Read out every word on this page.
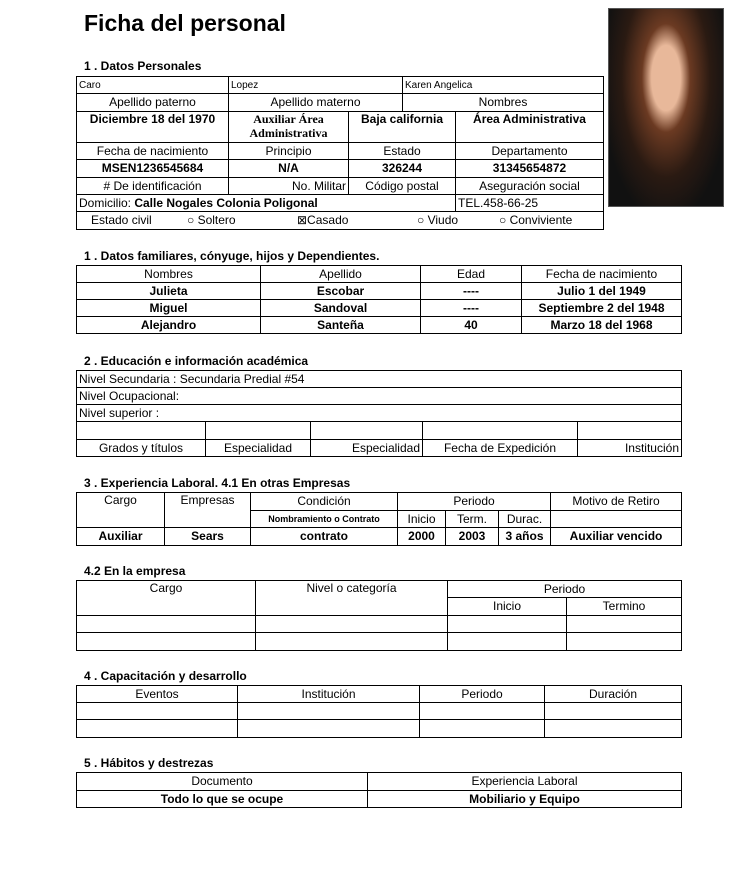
Ficha del personal
1 . Datos Personales
Caro	Lopez		Karen Angelica	
Apellido paterno	Apellido materno		Nombres	
Diciembre 18 del 1970	Auxiliar Área Administrativa	Baja california		Área Administrativa
Fecha de nacimiento	Principio	Estado		Departamento
MSEN1236545684	N/A	326244		31345654872
# De identificación	No. Militar	Código postal		Aseguración social
Domicilio: Calle Nogales Colonia Poligonal				TEL.458-66-25
Estado civil ○ Soltero ⊠Casado ○ Viudo ○ Conviviente				
1 . Datos familiares, cónyuge, hijos y Dependientes.
Nombres	Apellido	Edad	Fecha de nacimiento
Julieta	Escobar	----	Julio 1 del 1949
Miguel	Sandoval	----	Septiembre 2 del 1948
Alejandro	Santeña	40	Marzo 18 del 1968
2 . Educación e información académica
Nivel Secundaria : Secundaria Predial #54				
Nivel Ocupacional:				
Nivel superior :				

Grados y títulos	Especialidad	Especialidad	Fecha de Expedición	Institución
3 . Experiencia Laboral. 4.1 En otras Empresas
Cargo	Empresas	Condición	Periodo			Motivo de Retiro
		Nombramiento o Contrato	Inicio	Term.	Durac.	
Auxiliar	Sears	contrato	2000	2003	3 años	Auxiliar vencido
4.2 En la empresa
Cargo	Nivel o categoría	Periodo	
		Inicio	Termino

4 . Capacitación y desarrollo
Eventos	Institución	Periodo	Duración

5 . Hábitos y destrezas
Documento	Experiencia Laboral
Todo lo que se ocupe	Mobiliario y Equipo
